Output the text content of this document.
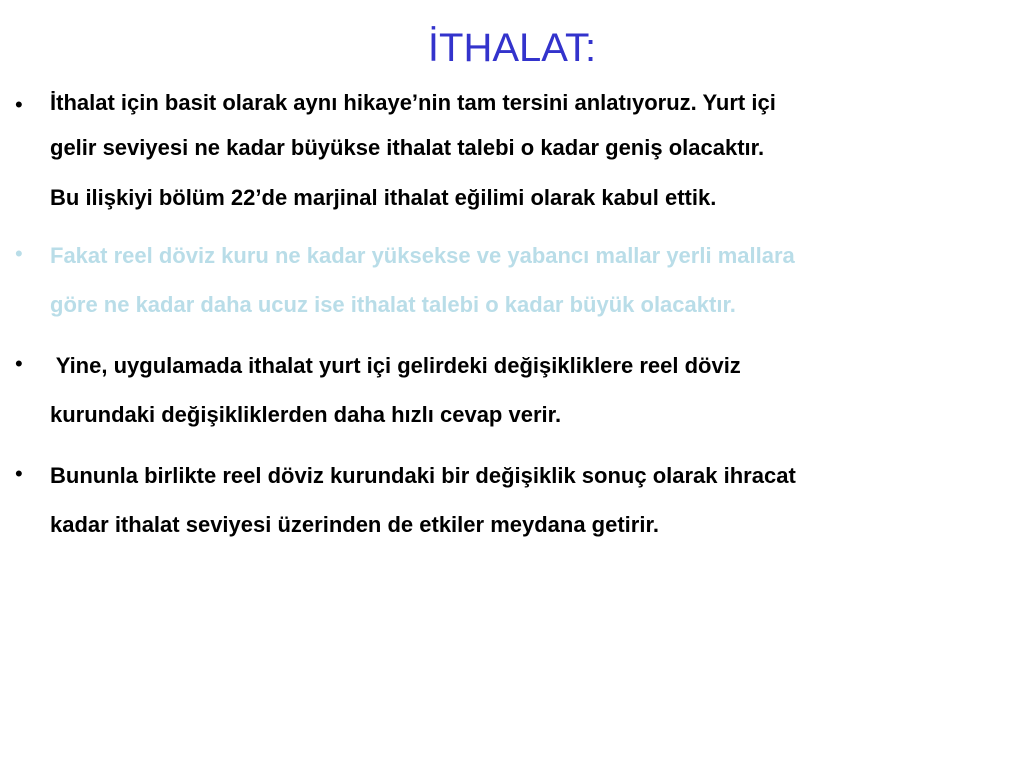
İTHALAT:
• İthalat için basit olarak aynı hikaye’nin tam tersini anlatıyoruz. Yurt içi
gelir seviyesi ne kadar büyükse ithalat talebi o kadar geniş olacaktır.
Bu ilişkiyi bölüm 22’de marjinal ithalat eğilimi olarak kabul ettik.
• Fakat reel döviz kuru ne kadar yüksekse ve yabancı mallar yerli mallara
göre ne kadar daha ucuz ise ithalat talebi o kadar büyük olacaktır.
• Yine, uygulamada ithalat yurt içi gelirdeki değişikliklere reel döviz
kurundaki değişikliklerden daha hızlı cevap verir.
• Bununla birlikte reel döviz kurundaki bir değişiklik sonuç olarak ihracat
kadar ithalat seviyesi üzerinden de etkiler meydana getirir.
